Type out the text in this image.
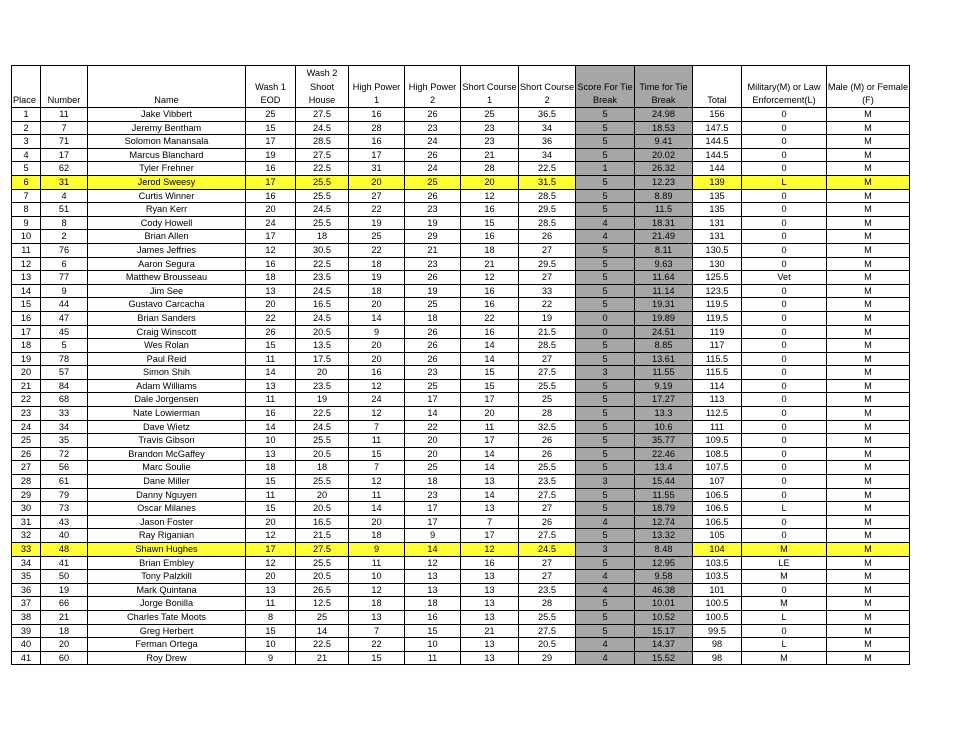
Place	Number	Name	Wash 1 EOD	Wash 2 Shoot House	High Power 1	High Power 2	Short Course 1	Short Course 2	Score For Tie Break	Time for Tie Break	Total	Military(M) or Law Enforcement(L)	Male (M) or Female (F)
1	11	Jake Vibbert	25	27.5	16	26	25	36.5	5	24.98	156	0	M
2	7	Jeremy Bentham	15	24.5	28	23	23	34	5	18.53	147.5	0	M
3	71	Solomon Manansala	17	28.5	16	24	23	36	5	9.41	144.5	0	M
4	17	Marcus Blanchard	19	27.5	17	26	21	34	5	20.02	144.5	0	M
5	62	Tyler Frehner	16	22.5	31	24	28	22.5	1	26.32	144	0	M
6	31	Jerod Sweesy	17	25.5	20	25	20	31.5	5	12.23	139	L	M
7	4	Curtis Winner	16	25.5	27	26	12	28.5	5	8.89	135	0	M
8	51	Ryan Kerr	20	24.5	22	23	16	29.5	5	11.5	135	0	M
9	8	Cody Howell	24	25.5	19	19	15	28.5	4	18.31	131	0	M
10	2	Brian Allen	17	18	25	29	16	26	4	21.49	131	0	M
11	76	James Jeffries	12	30.5	22	21	18	27	5	8.11	130.5	0	M
12	6	Aaron Segura	16	22.5	18	23	21	29.5	5	9.63	130	0	M
13	77	Matthew Brousseau	18	23.5	19	26	12	27	5	11.64	125.5	Vet	M
14	9	Jim See	13	24.5	18	19	16	33	5	11.14	123.5	0	M
15	44	Gustavo Carcacha	20	16.5	20	25	16	22	5	19.31	119.5	0	M
16	47	Brian Sanders	22	24.5	14	18	22	19	0	19.89	119.5	0	M
17	45	Craig Winscott	26	20.5	9	26	16	21.5	0	24.51	119	0	M
18	5	Wes Rolan	15	13.5	20	26	14	28.5	5	8.85	117	0	M
19	78	Paul Reid	11	17.5	20	26	14	27	5	13.61	115.5	0	M
20	57	Simon Shih	14	20	16	23	15	27.5	3	11.55	115.5	0	M
21	84	Adam Williams	13	23.5	12	25	15	25.5	5	9.19	114	0	M
22	68	Dale Jorgensen	11	19	24	17	17	25	5	17.27	113	0	M
23	33	Nate Lowierman	16	22.5	12	14	20	28	5	13.3	112.5	0	M
24	34	Dave Wietz	14	24.5	7	22	11	32.5	5	10.6	111	0	M
25	35	Travis Gibson	10	25.5	11	20	17	26	5	35.77	109.5	0	M
26	72	Brandon McGaffey	13	20.5	15	20	14	26	5	22.46	108.5	0	M
27	56	Marc Soulie	18	18	7	25	14	25.5	5	13.4	107.5	0	M
28	61	Dane Miller	15	25.5	12	18	13	23.5	3	15.44	107	0	M
29	79	Danny Nguyen	11	20	11	23	14	27.5	5	11.55	106.5	0	M
30	73	Oscar Milanes	15	20.5	14	17	13	27	5	18.79	106.5	L	M
31	43	Jason Foster	20	16.5	20	17	7	26	4	12.74	106.5	0	M
32	40	Ray Riganian	12	21.5	18	9	17	27.5	5	13.32	105	0	M
33	48	Shawn Hughes	17	27.5	9	14	12	24.5	3	8.48	104	M	M
34	41	Brian Embley	12	25.5	11	12	16	27	5	12.95	103.5	LE	M
35	50	Tony Palzkill	20	20.5	10	13	13	27	4	9.58	103.5	M	M
36	19	Mark Quintana	13	26.5	12	13	13	23.5	4	46.38	101	0	M
37	66	Jorge Bonilla	11	12.5	18	18	13	28	5	10.01	100.5	M	M
38	21	Charles Tate Moots	8	25	13	16	13	25.5	5	10.52	100.5	L	M
39	18	Greg Herbert	15	14	7	15	21	27.5	5	15.17	99.5	0	M
40	20	Ferman Ortega	10	22.5	22	10	13	20.5	4	14.37	98	L	M
41	60	Roy Drew	9	21	15	11	13	29	4	15.52	98	M	M
